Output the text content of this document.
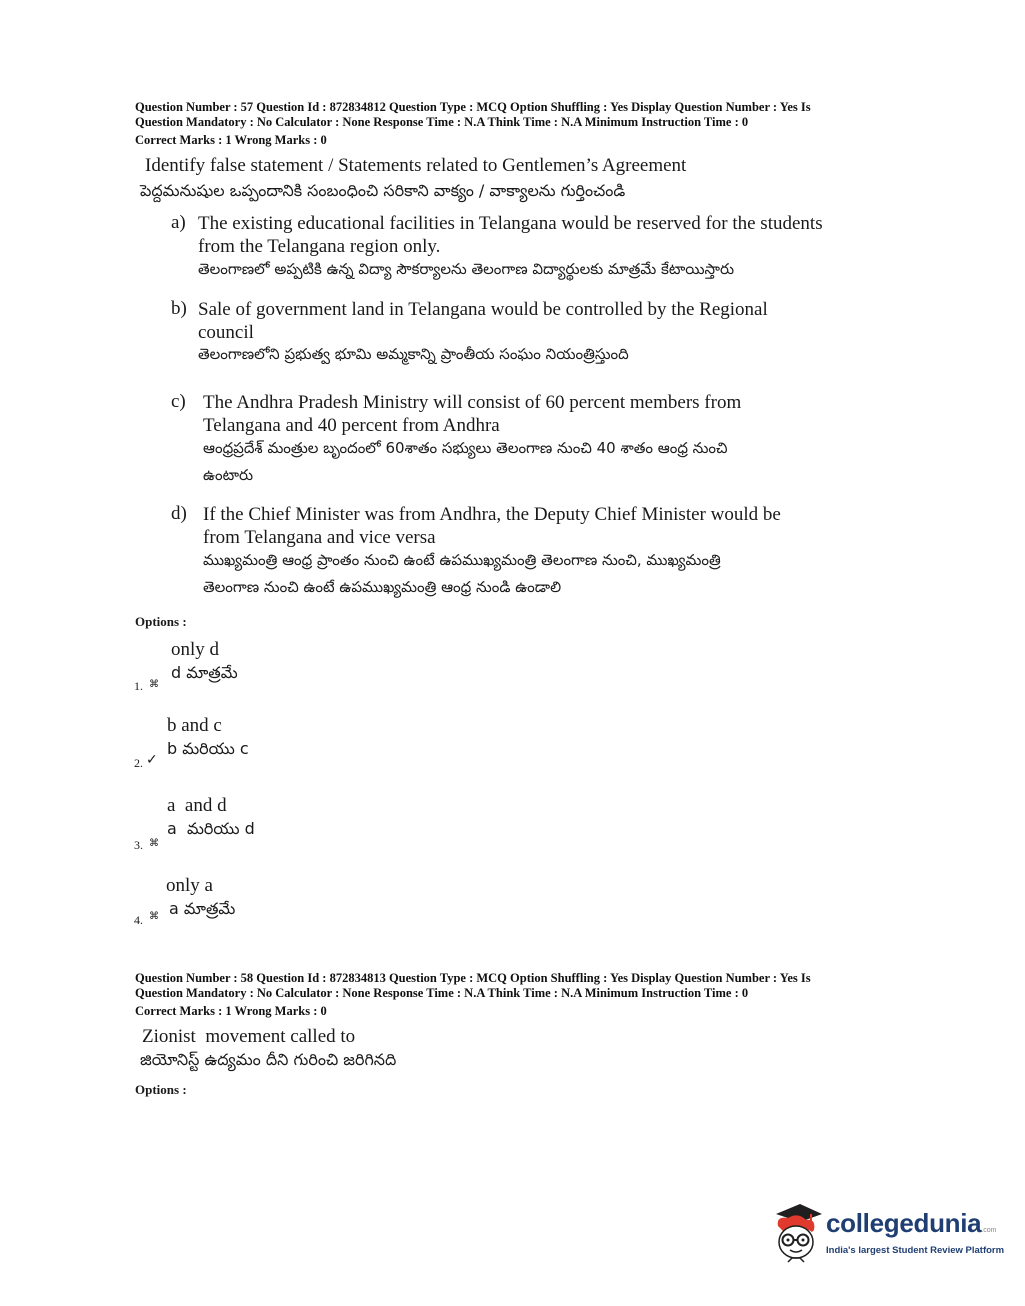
Question Number : 57 Question Id : 872834812 Question Type : MCQ Option Shuffling : Yes Display Question Number : Yes Is
Question Mandatory : No Calculator : None Response Time : N.A Think Time : N.A Minimum Instruction Time : 0
Correct Marks : 1 Wrong Marks : 0
Identify false statement / Statements related to Gentlemen’s Agreement
పెద్దమనుషుల ఒప్పందానికి సంబంధించి సరికాని వాక్యం / వాక్యాలను గుర్తించండి
a) The existing educational facilities in Telangana would be reserved for the students
from the Telangana region only.
తెలంగాణలో అప్పటికి ఉన్న విద్యా సౌకర్యాలను తెలంగాణ విద్యార్థులకు మాత్రమే కేటాయిస్తారు
b) Sale of government land in Telangana would be controlled by the Regional
council
తెలంగాణలోని ప్రభుత్వ భూమి అమ్మకాన్ని ప్రాంతీయ సంఘం నియంత్రిస్తుంది
c) The Andhra Pradesh Ministry will consist of 60 percent members from
Telangana and 40 percent from Andhra
ఆంధ్రప్రదేశ్ మంత్రుల బృందంలో 60శాతం సభ్యులు తెలంగాణ నుంచి 40 శాతం ఆంధ్ర నుంచి
ఉంటారు
d) If the Chief Minister was from Andhra, the Deputy Chief Minister would be
from Telangana and vice versa
ముఖ్యమంత్రి ఆంధ్ర ప్రాంతం నుంచి ఉంటే ఉపముఖ్యమంత్రి తెలంగాణ నుంచి, ముఖ్యమంత్రి
తెలంగాణ నుంచి ఉంటే ఉపముఖ్యమంత్రి ఆంధ్ర నుండి ఉండాలి
Options :
only d
d మాత్రమే
1. ⌘
b and c
b మరియు c
2. ✓
a  and d
a  మరియు d
3. ⌘
only a
a మాత్రమే
4. ⌘
Question Number : 58 Question Id : 872834813 Question Type : MCQ Option Shuffling : Yes Display Question Number : Yes Is
Question Mandatory : No Calculator : None Response Time : N.A Think Time : N.A Minimum Instruction Time : 0
Correct Marks : 1 Wrong Marks : 0
Zionist  movement called to
జియోనిస్ట్ ఉద్యమం దీని గురించి జరిగినది
Options :
collegedunia.com
India's largest Student Review Platform
